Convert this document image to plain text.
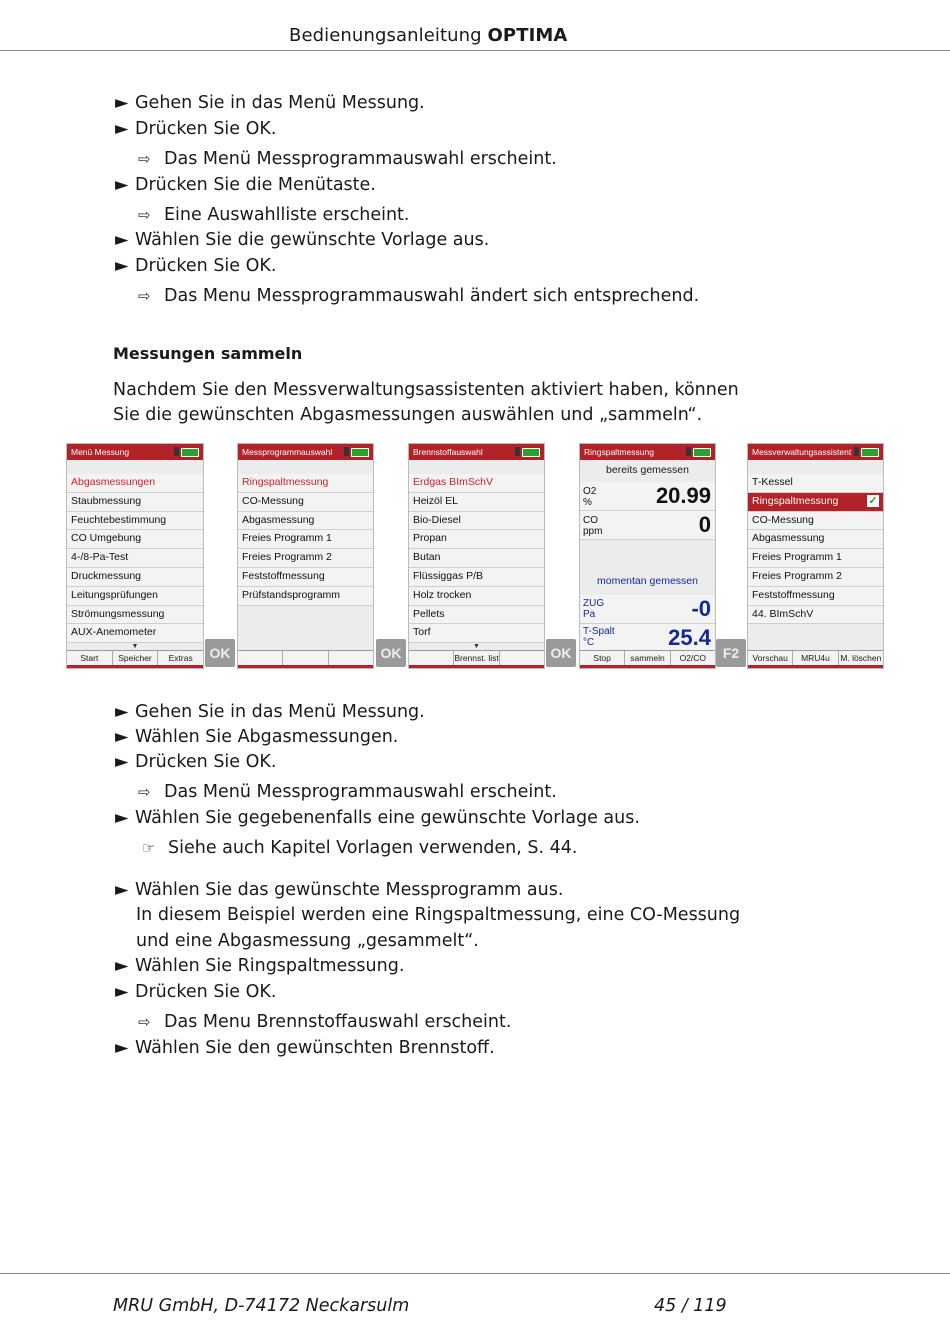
Bedienungsanleitung OPTIMA
► Gehen Sie in das Menü Messung.
► Drücken Sie OK.
⇨ Das Menü Messprogrammauswahl erscheint.
► Drücken Sie die Menütaste.
⇨ Eine Auswahlliste erscheint.
► Wählen Sie die gewünschte Vorlage aus.
► Drücken Sie OK.
⇨ Das Menu Messprogrammauswahl ändert sich entsprechend.
Messungen sammeln
Nachdem Sie den Messverwaltungsassistenten aktiviert haben, können
Sie die gewünschten Abgasmessungen auswählen und „sammeln“.
Menü Messung
Abgasmessungen
Staubmessung
Feuchtebestimmung
CO Umgebung
4-/8-Pa-Test
Druckmessung
Leitungsprüfungen
Strömungsmessung
AUX-Anemometer
▼
Start	Speicher	Extras	OK
Messprogrammauswahl
Ringspaltmessung
CO-Messung
Abgasmessung
Freies Programm 1
Freies Programm 2
Feststoffmessung
Prüfstandsprogramm
OK
Brennstoffauswahl
Erdgas BImSchV
Heizöl EL
Bio-Diesel
Propan
Butan
Flüssiggas P/B
Holz trocken
Pellets
Torf
▼
Brennst. list	OK
Ringspaltmessung
bereits gemessen
O2
%	20.99
CO
ppm	0
momentan gemessen
ZUG
Pa	-0
T-Spalt
°C	25.4
Stop	sammeln	O2/CO	F2
Messverwaltungsassistent
T-Kessel
Ringspaltmessung	✓
CO-Messung
Abgasmessung
Freies Programm 1
Freies Programm 2
Feststoffmessung
44. BImSchV
Vorschau	MRU4u	M. löschen
► Gehen Sie in das Menü Messung.
► Wählen Sie Abgasmessungen.
► Drücken Sie OK.
⇨ Das Menü Messprogrammauswahl erscheint.
► Wählen Sie gegebenenfalls eine gewünschte Vorlage aus.
☞ Siehe auch Kapitel Vorlagen verwenden, S. 44.
► Wählen Sie das gewünschte Messprogramm aus.
In diesem Beispiel werden eine Ringspaltmessung, eine CO-Messung
und eine Abgasmessung „gesammelt“.
► Wählen Sie Ringspaltmessung.
► Drücken Sie OK.
⇨ Das Menu Brennstoffauswahl erscheint.
► Wählen Sie den gewünschten Brennstoff.
MRU GmbH, D-74172 Neckarsulm	45 / 119
